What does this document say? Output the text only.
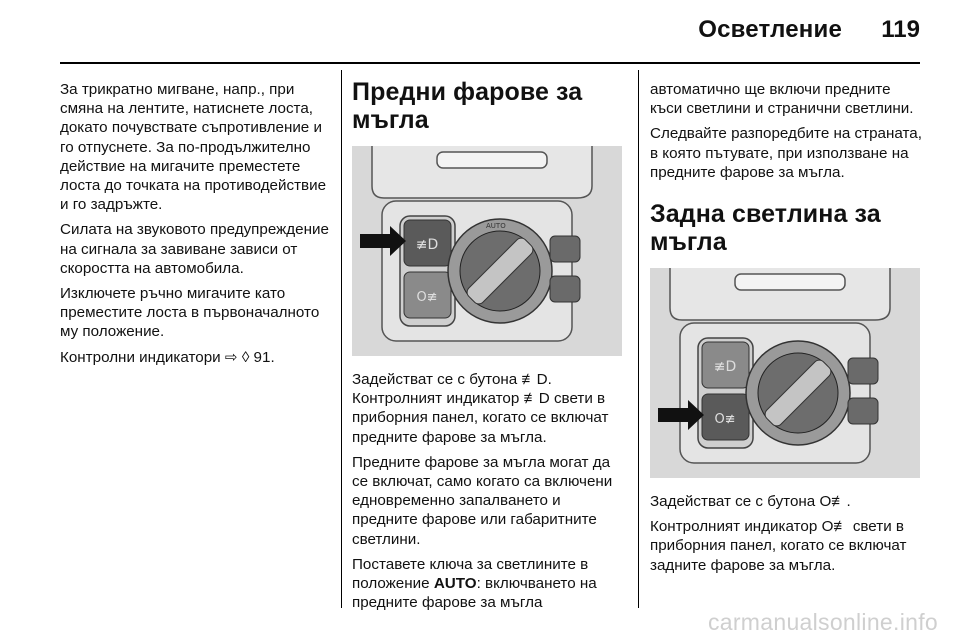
Осветление 119

За трикратно мигване, напр., при смяна на лентите, натиснете лоста, докато почувствате съпротивление и го отпуснете. За по-продължително действие на мигачите преместете лоста до точката на противодействие и го задръжте.

Силата на звуковото предупреждение на сигнала за завиване зависи от скоростта на автомобила.

Изключете ръчно мигачите като преместите лоста в първоначалното му положение.

Контролни индикатори ⇨ ◊ 91.

Предни фарове за мъгла
≢D
O≢
AUTO

Задействат се с бутона ≢D. Контролният индикатор ≢D свети в приборния панел, когато се включат предните фарове за мъгла.

Предните фарове за мъгла могат да се включат, само когато са включени едновременно запалването и предните фарове или габаритните светлини.

Поставете ключа за светлините в положение AUTO: включването на предните фарове за мъгла

автоматично ще включи предните къси светлини и странични светлини.

Следвайте разпоредбите на страната, в която пътувате, при използване на предните фарове за мъгла.

Задна светлина за мъгла
≢D
O≢

Задействат се с бутона O≢.

Контролният индикатор O≢ свети в приборния панел, когато се включат задните фарове за мъгла.

carmanualsonline.info
